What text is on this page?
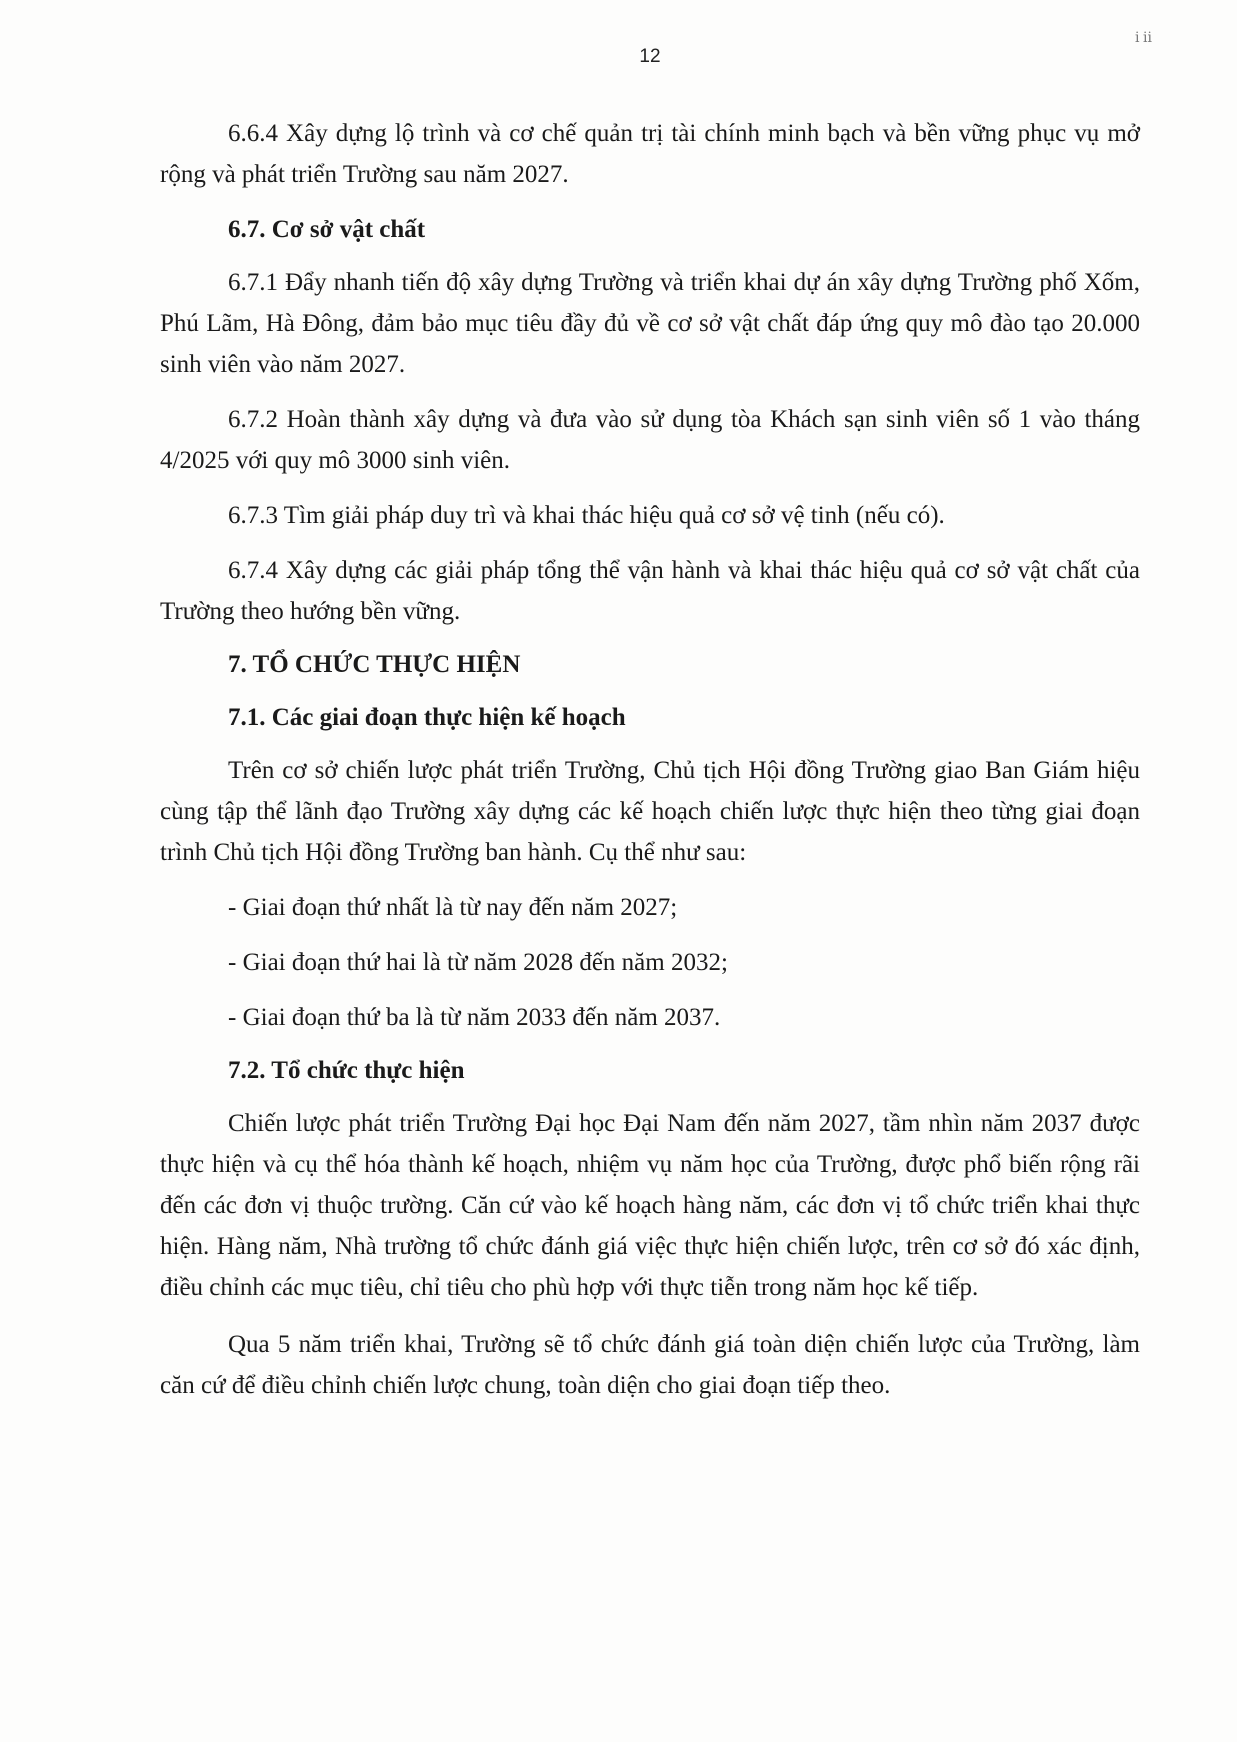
12
ⅰ ⅱ

6.6.4 Xây dựng lộ trình và cơ chế quản trị tài chính minh bạch và bền vững phục vụ mở rộng và phát triển Trường sau năm 2027.

6.7. Cơ sở vật chất

6.7.1 Đẩy nhanh tiến độ xây dựng Trường và triển khai dự án xây dựng Trường phố Xốm, Phú Lãm, Hà Đông, đảm bảo mục tiêu đầy đủ về cơ sở vật chất đáp ứng quy mô đào tạo 20.000 sinh viên vào năm 2027.

6.7.2 Hoàn thành xây dựng và đưa vào sử dụng tòa Khách sạn sinh viên số 1 vào tháng 4/2025 với quy mô 3000 sinh viên.

6.7.3 Tìm giải pháp duy trì và khai thác hiệu quả cơ sở vệ tinh (nếu có).

6.7.4 Xây dựng các giải pháp tổng thể vận hành và khai thác hiệu quả cơ sở vật chất của Trường theo hướng bền vững.

7. TỔ CHỨC THỰC HIỆN

7.1. Các giai đoạn thực hiện kế hoạch

Trên cơ sở chiến lược phát triển Trường, Chủ tịch Hội đồng Trường giao Ban Giám hiệu cùng tập thể lãnh đạo Trường xây dựng các kế hoạch chiến lược thực hiện theo từng giai đoạn trình Chủ tịch Hội đồng Trường ban hành. Cụ thể như sau:

- Giai đoạn thứ nhất là từ nay đến năm 2027;

- Giai đoạn thứ hai là từ năm 2028 đến năm 2032;

- Giai đoạn thứ ba là từ năm 2033 đến năm 2037.

7.2. Tổ chức thực hiện

Chiến lược phát triển Trường Đại học Đại Nam đến năm 2027, tầm nhìn năm 2037 được thực hiện và cụ thể hóa thành kế hoạch, nhiệm vụ năm học của Trường, được phổ biến rộng rãi đến các đơn vị thuộc trường. Căn cứ vào kế hoạch hàng năm, các đơn vị tổ chức triển khai thực hiện. Hàng năm, Nhà trường tổ chức đánh giá việc thực hiện chiến lược, trên cơ sở đó xác định, điều chỉnh các mục tiêu, chỉ tiêu cho phù hợp với thực tiễn trong năm học kế tiếp.

Qua 5 năm triển khai, Trường sẽ tổ chức đánh giá toàn diện chiến lược của Trường, làm căn cứ để điều chỉnh chiến lược chung, toàn diện cho giai đoạn tiếp theo.
